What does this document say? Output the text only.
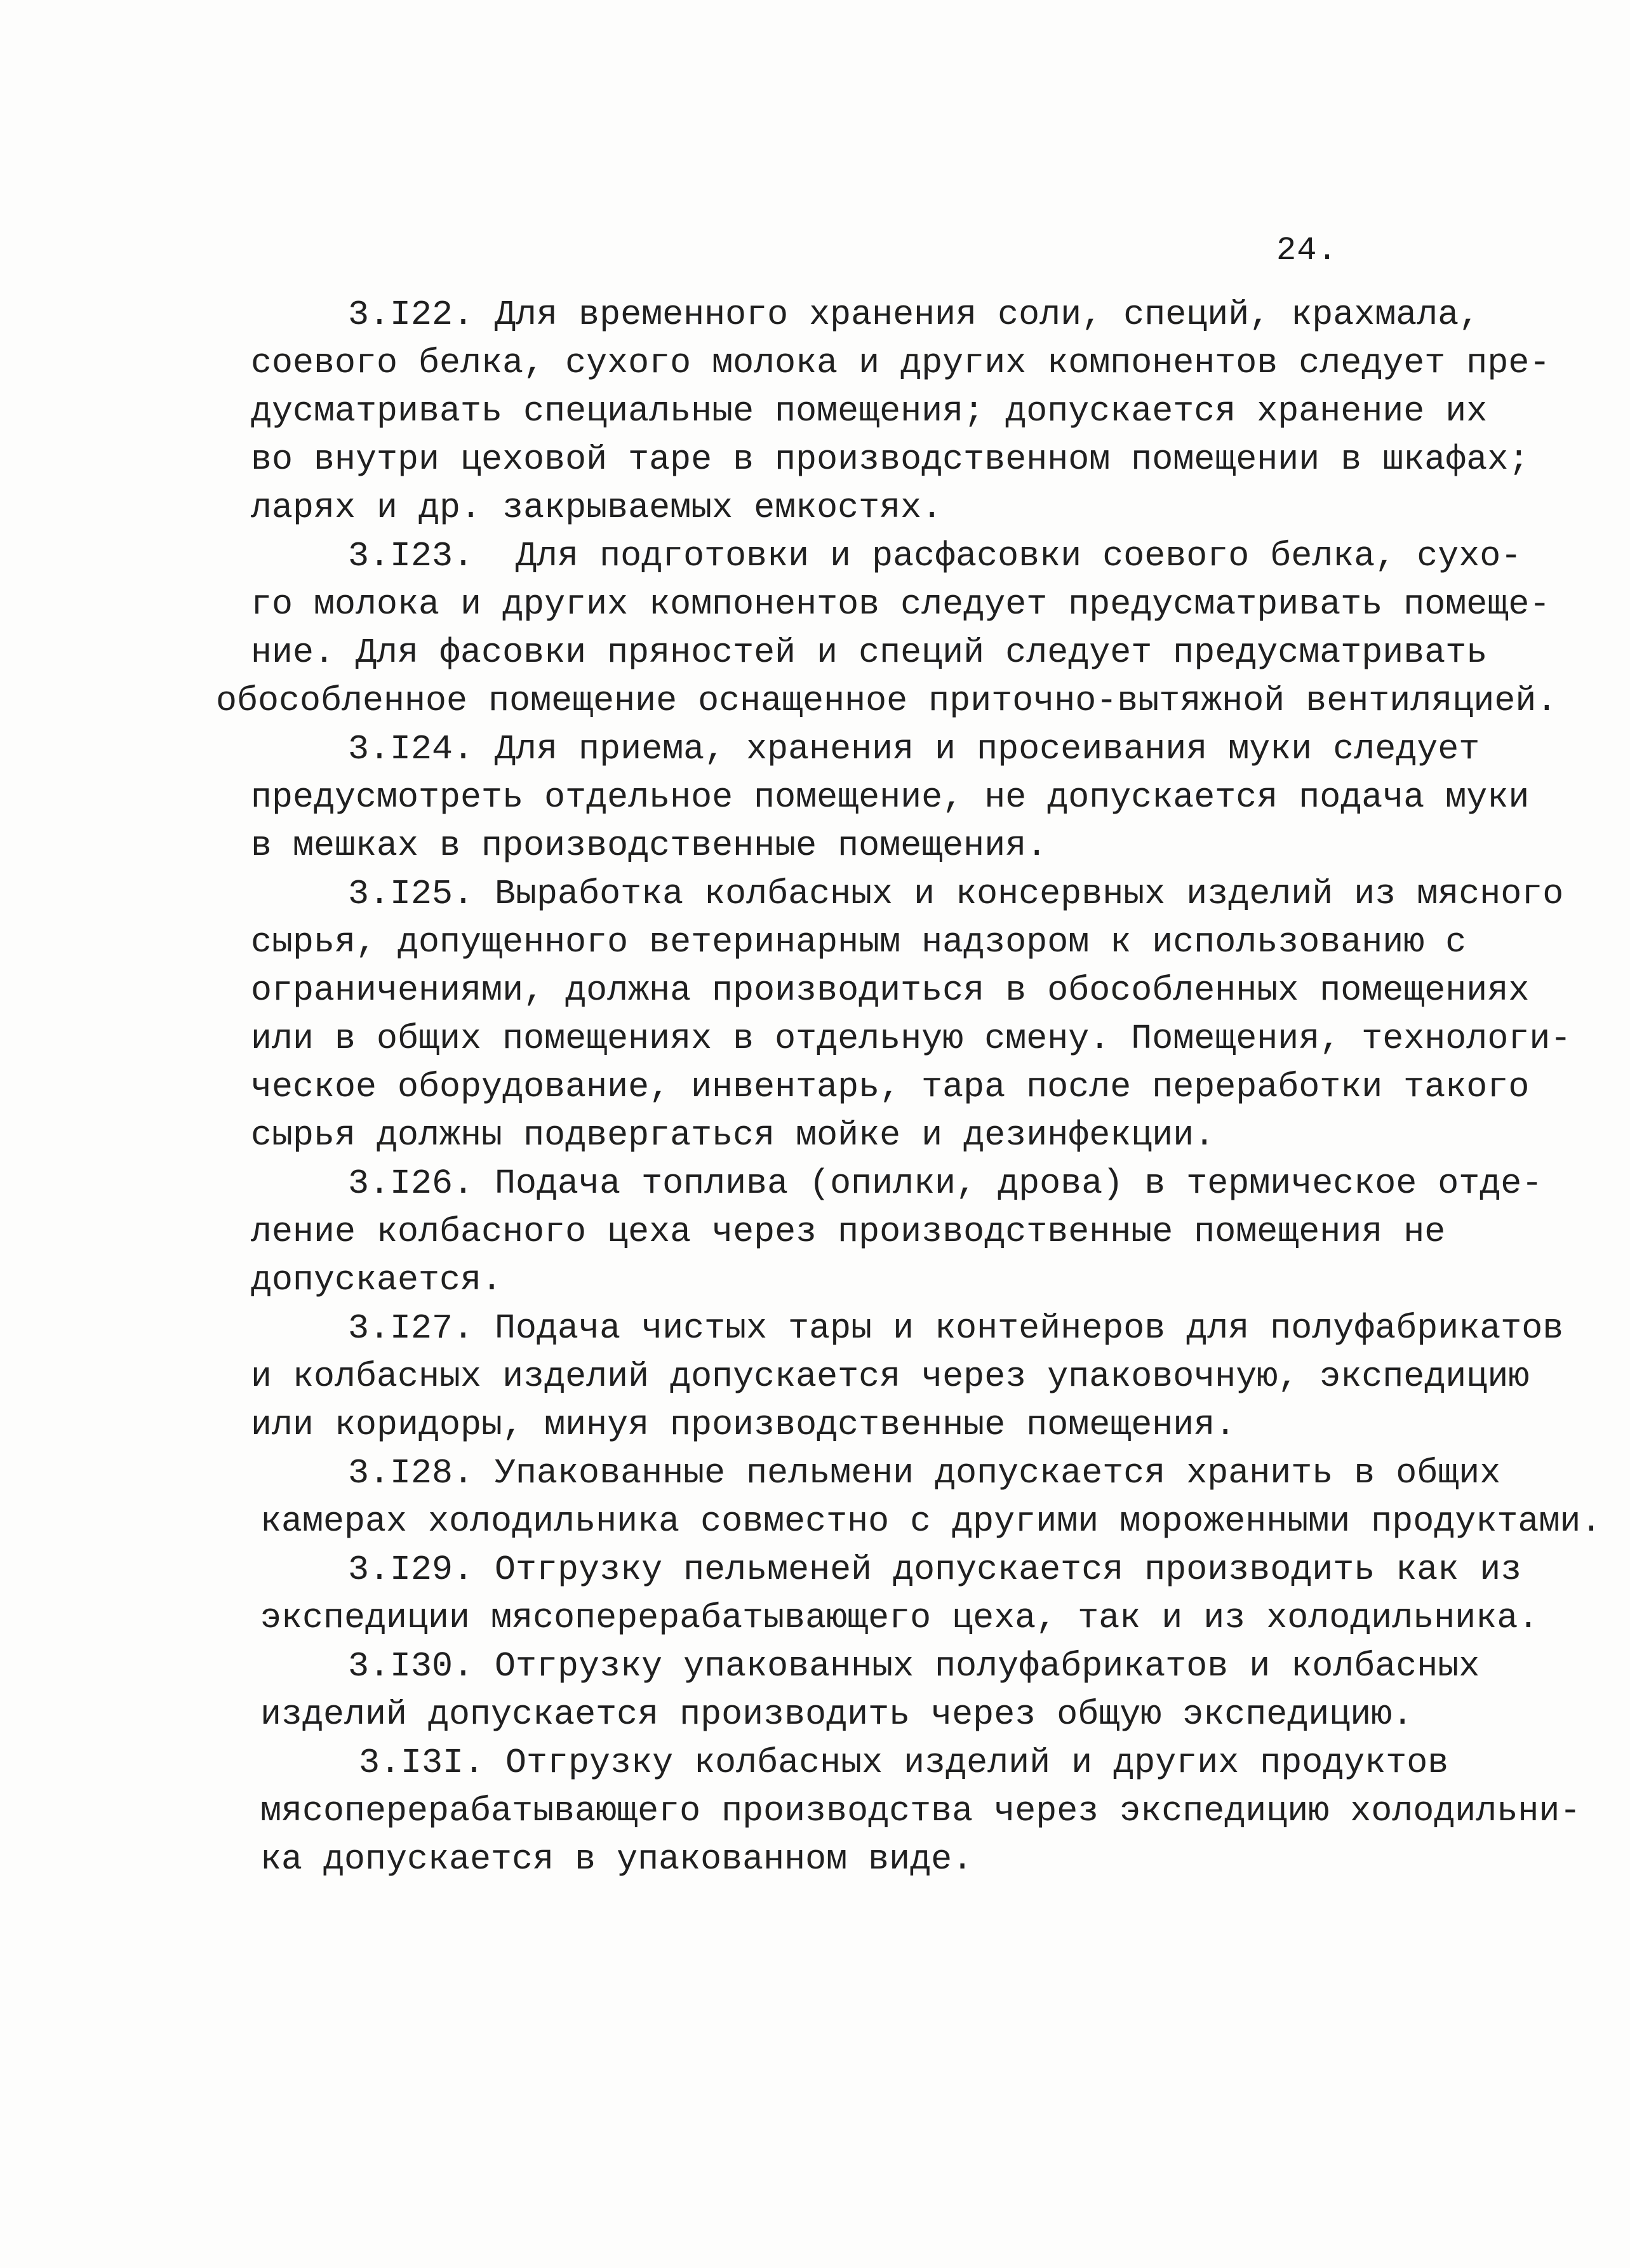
24.
3.I22. Для временного хранения соли, специй, крахмала,
соевого белка, сухого молока и других компонентов следует пре-
дусматривать специальные помещения; допускается хранение их
во внутри цеховой таре в производственном помещении в шкафах;
ларях и др. закрываемых емкостях.
3.I23.  Для подготовки и расфасовки соевого белка, сухо-
го молока и других компонентов следует предусматривать помеще-
ние. Для фасовки пряностей и специй следует предусматривать
обособленное помещение оснащенное приточно-вытяжной вентиляцией.
3.I24. Для приема, хранения и просеивания муки следует
предусмотреть отдельное помещение, не допускается подача муки
в мешках в производственные помещения.
3.I25. Выработка колбасных и консервных изделий из мясного
сырья, допущенного ветеринарным надзором к использованию с
ограничениями, должна производиться в обособленных помещениях
или в общих помещениях в отдельную смену. Помещения, технологи-
ческое оборудование, инвентарь, тара после переработки такого
сырья должны подвергаться мойке и дезинфекции.
3.I26. Подача топлива (опилки, дрова) в термическое отде-
ление колбасного цеха через производственные помещения не
допускается.
3.I27. Подача чистых тары и контейнеров для полуфабрикатов
и колбасных изделий допускается через упаковочную, экспедицию
или коридоры, минуя производственные помещения.
3.I28. Упакованные пельмени допускается хранить в общих
камерах холодильника совместно с другими мороженными продуктами.
3.I29. Отгрузку пельменей допускается производить как из
экспедиции мясоперерабатывающего цеха, так и из холодильника.
3.I30. Отгрузку упакованных полуфабрикатов и колбасных
изделий допускается производить через общую экспедицию.
3.I3I. Отгрузку колбасных изделий и других продуктов
мясоперерабатывающего производства через экспедицию холодильни-
ка допускается в упакованном виде.
